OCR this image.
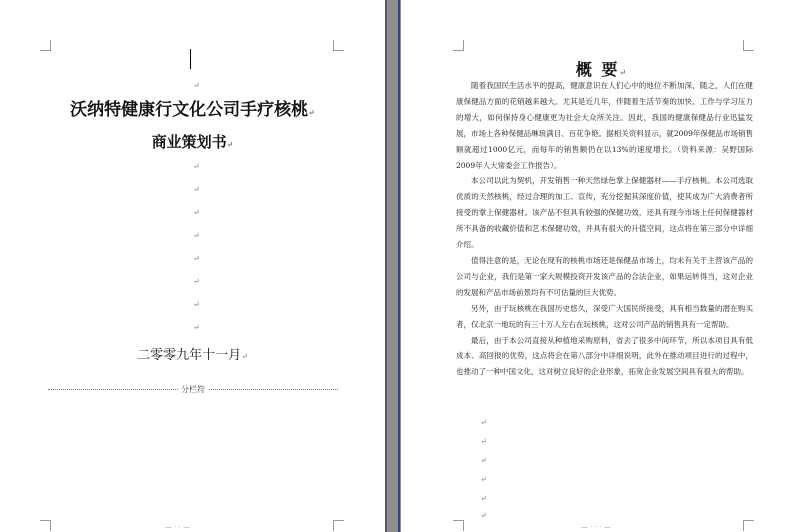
↵
沃纳特健康行文化公司手疗核桃↵
商业策划书↵
↵
↵
↵
↵
↵
↵
↵
↵
二零零九年十一月↵
分栏符
— · · —
概 要↵

随着我国民生活水平的提高，健康意识在人们心中的地位不断加深，随之，人们在健康保健品方面的花销越来越大。尤其是近几年，伴随着生活节奏的加快、工作与学习压力的增大，如何保持身心健康更为社会大众所关注。因此，我国的健康保健品行业迅猛发展，市场上各种保健品琳琅满目、百花争艳。据相关资料显示，就2009年保健品市场销售额就超过1000亿元，而每年的销售额仍在以13%的速度增长。（资料来源：吴野国际2009年人大常委会工作报告）。

本公司以此为契机，开发销售一种天然绿色掌上保健器材——手疗核桃。本公司选取优质的天然核桃，经过合理的加工、宣传，充分挖掘其深度价值，使其成为广大消费者所接受的掌上保健器材。该产品不但具有较强的保健功效，还具有现今市场上任何保健器材所不具备的收藏价值和艺术保健功效，并具有很大的升值空间，这点将在第三部分中详细介绍。

值得注意的是，无论在现有的核桃市场还是保健品市场上，均未有关于主营该产品的公司与企业，我们是第一家大规模投资开发该产品的合法企业，如果运转得当，这对企业的发展和产品市场前景均有不可估量的巨大优势。

另外，由于玩核桃在我国历史悠久，深受广大国民所接受，具有相当数量的潜在购买者，仅北京一地玩的有三十万人左右在玩核桃，这对公司产品的销售具有一定帮助。

最后，由于本公司直接从种植地采购原料，省去了很多中间环节，所以本项目具有低成本、高回报的优势，这点将会在第八部分中详细说明，此外在推动项目进行的过程中，也推动了一种中国文化，这对树立良好的企业形象，拓宽企业发展空间具有很大的帮助。

↵
↵
↵
↵
↵
↵
— · · · —
